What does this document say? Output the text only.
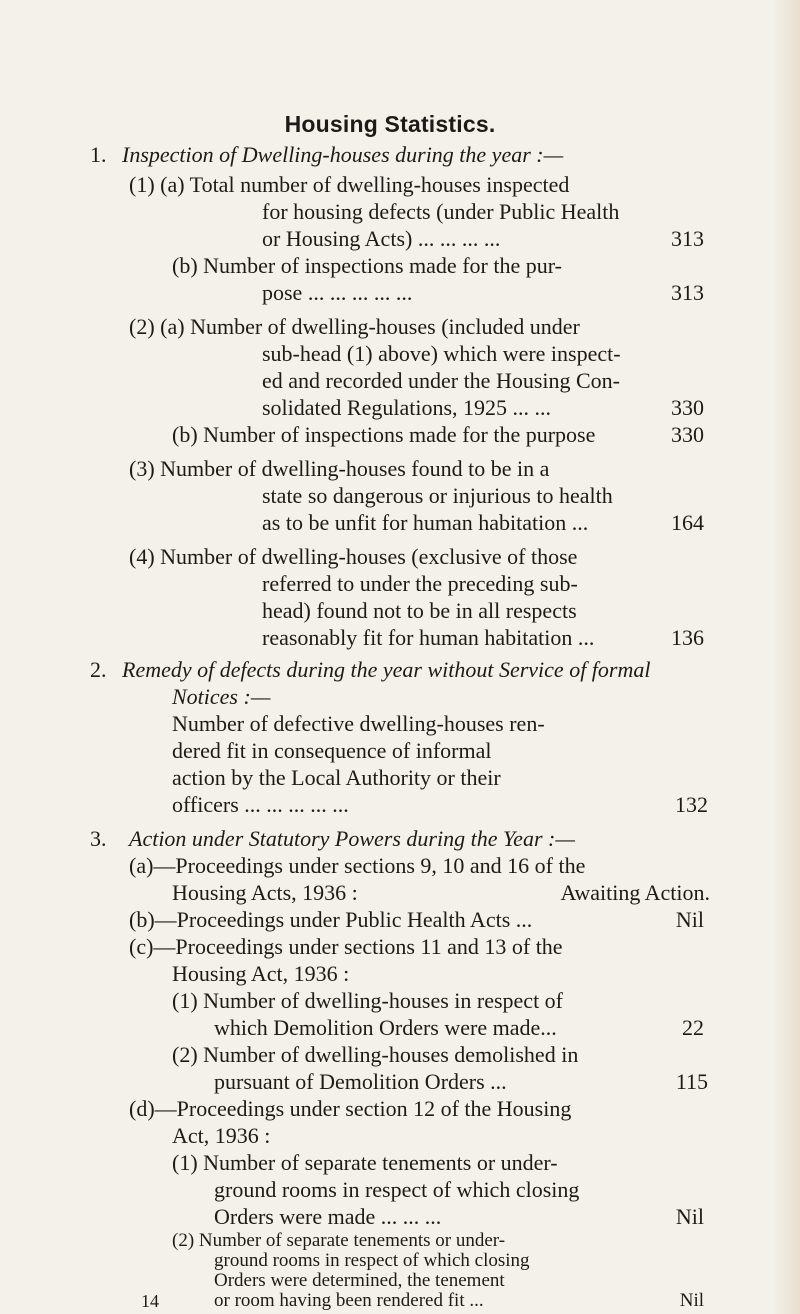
Housing Statistics.
1. Inspection of Dwelling-houses during the year :—
(1) (a) Total number of dwelling-houses inspected
for housing defects (under Public Health
or Housing Acts) ... ... ... ...	313
(b) Number of inspections made for the pur-
pose ... ... ... ... ...	313
(2) (a) Number of dwelling-houses (included under
sub-head (1) above) which were inspect-
ed and recorded under the Housing Con-
solidated Regulations, 1925 ... ...	330
(b) Number of inspections made for the purpose	330
(3) Number of dwelling-houses found to be in a
state so dangerous or injurious to health
as to be unfit for human habitation ...	164
(4) Number of dwelling-houses (exclusive of those
referred to under the preceding sub-
head) found not to be in all respects
reasonably fit for human habitation ...	136
2. Remedy of defects during the year without Service of formal
Notices :—
Number of defective dwelling-houses ren-
dered fit in consequence of informal
action by the Local Authority or their
officers ... ... ... ... ...	132
3. Action under Statutory Powers during the Year :—
(a)—Proceedings under sections 9, 10 and 16 of the
Housing Acts, 1936 :	Awaiting Action.
(b)—Proceedings under Public Health Acts ...	Nil
(c)—Proceedings under sections 11 and 13 of the
Housing Act, 1936 :
(1) Number of dwelling-houses in respect of
which Demolition Orders were made...	22
(2) Number of dwelling-houses demolished in
pursuant of Demolition Orders ...	115
(d)—Proceedings under section 12 of the Housing
Act, 1936 :
(1) Number of separate tenements or under-
ground rooms in respect of which closing
Orders were made ... ... ...	Nil
(2) Number of separate tenements or under-
ground rooms in respect of which closing
Orders were determined, the tenement
or room having been rendered fit ...	Nil
14
